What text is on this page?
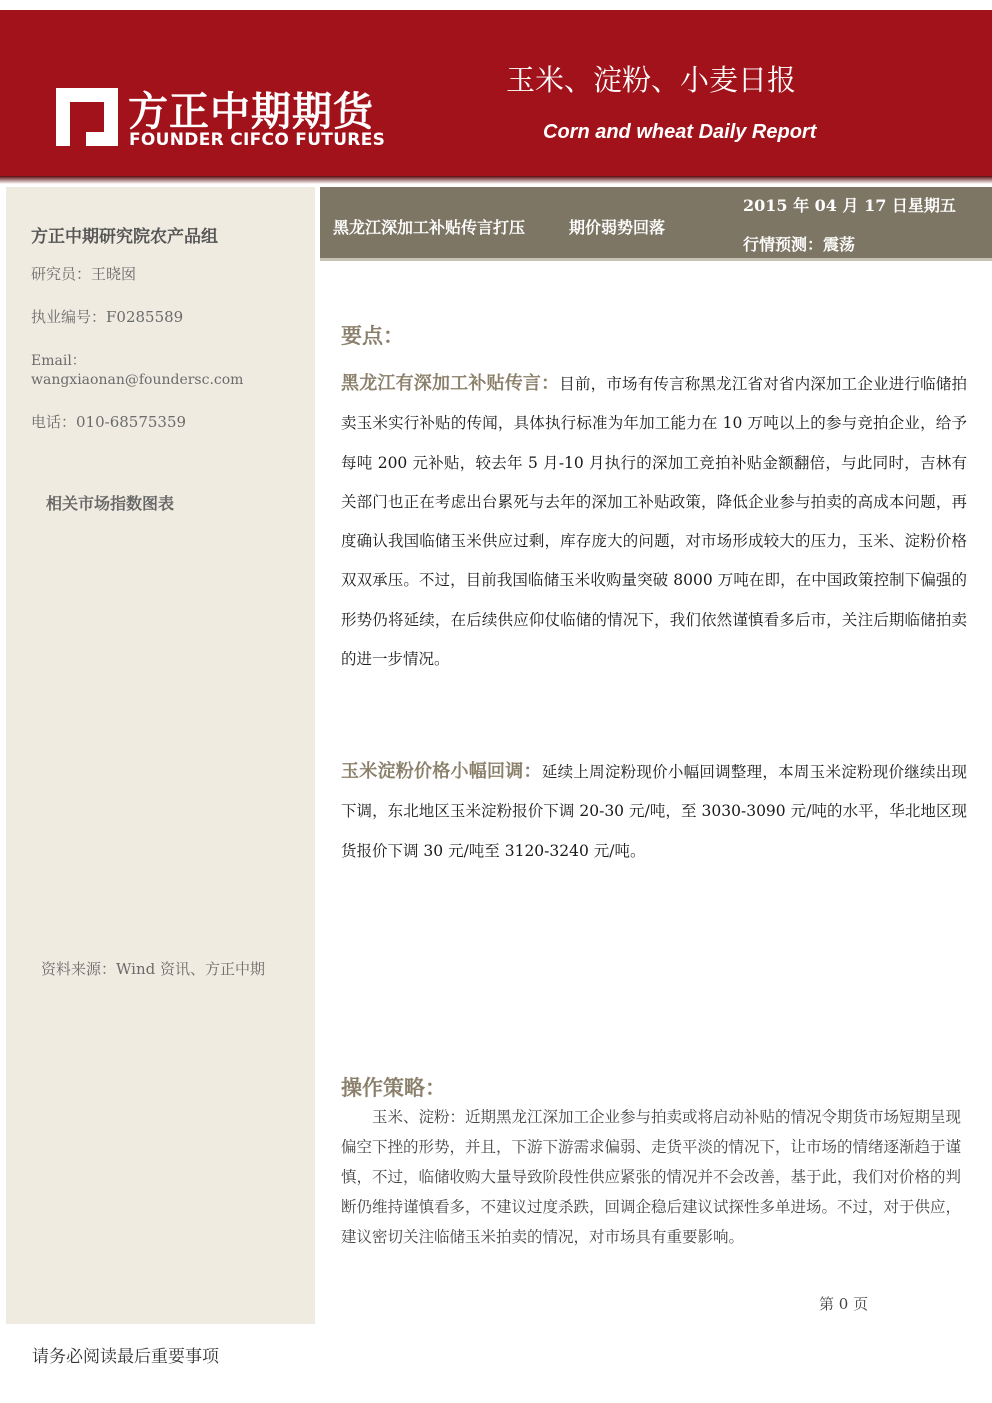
方正中期期货
FOUNDER CIFCO FUTURES
玉米、淀粉、小麦日报
Corn and wheat Daily Report
方正中期研究院农产品组
研究员：王晓囡
执业编号：F0285589
Email：
wangxiaonan@foundersc.com
电话：010-68575359
相关市场指数图表
资料来源：Wind 资讯、方正中期
黑龙江深加工补贴传言打压	期价弱势回落
2015 年 04 月 17 日星期五
行情预测：震荡
要点：
黑龙江有深加工补贴传言：目前，市场有传言称黑龙江省对省内深加工企业进行临储拍卖玉米实行补贴的传闻，具体执行标准为年加工能力在 10 万吨以上的参与竞拍企业，给予每吨 200 元补贴，较去年 5 月-10 月执行的深加工竞拍补贴金额翻倍，与此同时，吉林有关部门也正在考虑出台累死与去年的深加工补贴政策，降低企业参与拍卖的高成本问题，再度确认我国临储玉米供应过剩，库存庞大的问题，对市场形成较大的压力，玉米、淀粉价格双双承压。不过，目前我国临储玉米收购量突破 8000 万吨在即，在中国政策控制下偏强的形势仍将延续，在后续供应仰仗临储的情况下，我们依然谨慎看多后市，关注后期临储拍卖的进一步情况。
玉米淀粉价格小幅回调：延续上周淀粉现价小幅回调整理，本周玉米淀粉现价继续出现下调，东北地区玉米淀粉报价下调 20-30 元/吨，至 3030-3090 元/吨的水平，华北地区现货报价下调 30 元/吨至 3120-3240 元/吨。
操作策略：
玉米、淀粉：近期黑龙江深加工企业参与拍卖或将启动补贴的情况令期货市场短期呈现偏空下挫的形势，并且，下游下游需求偏弱、走货平淡的情况下，让市场的情绪逐渐趋于谨慎，不过，临储收购大量导致阶段性供应紧张的情况并不会改善，基于此，我们对价格的判断仍维持谨慎看多，不建议过度杀跌，回调企稳后建议试探性多单进场。不过，对于供应，建议密切关注临储玉米拍卖的情况，对市场具有重要影响。
第 0 页
请务必阅读最后重要事项
